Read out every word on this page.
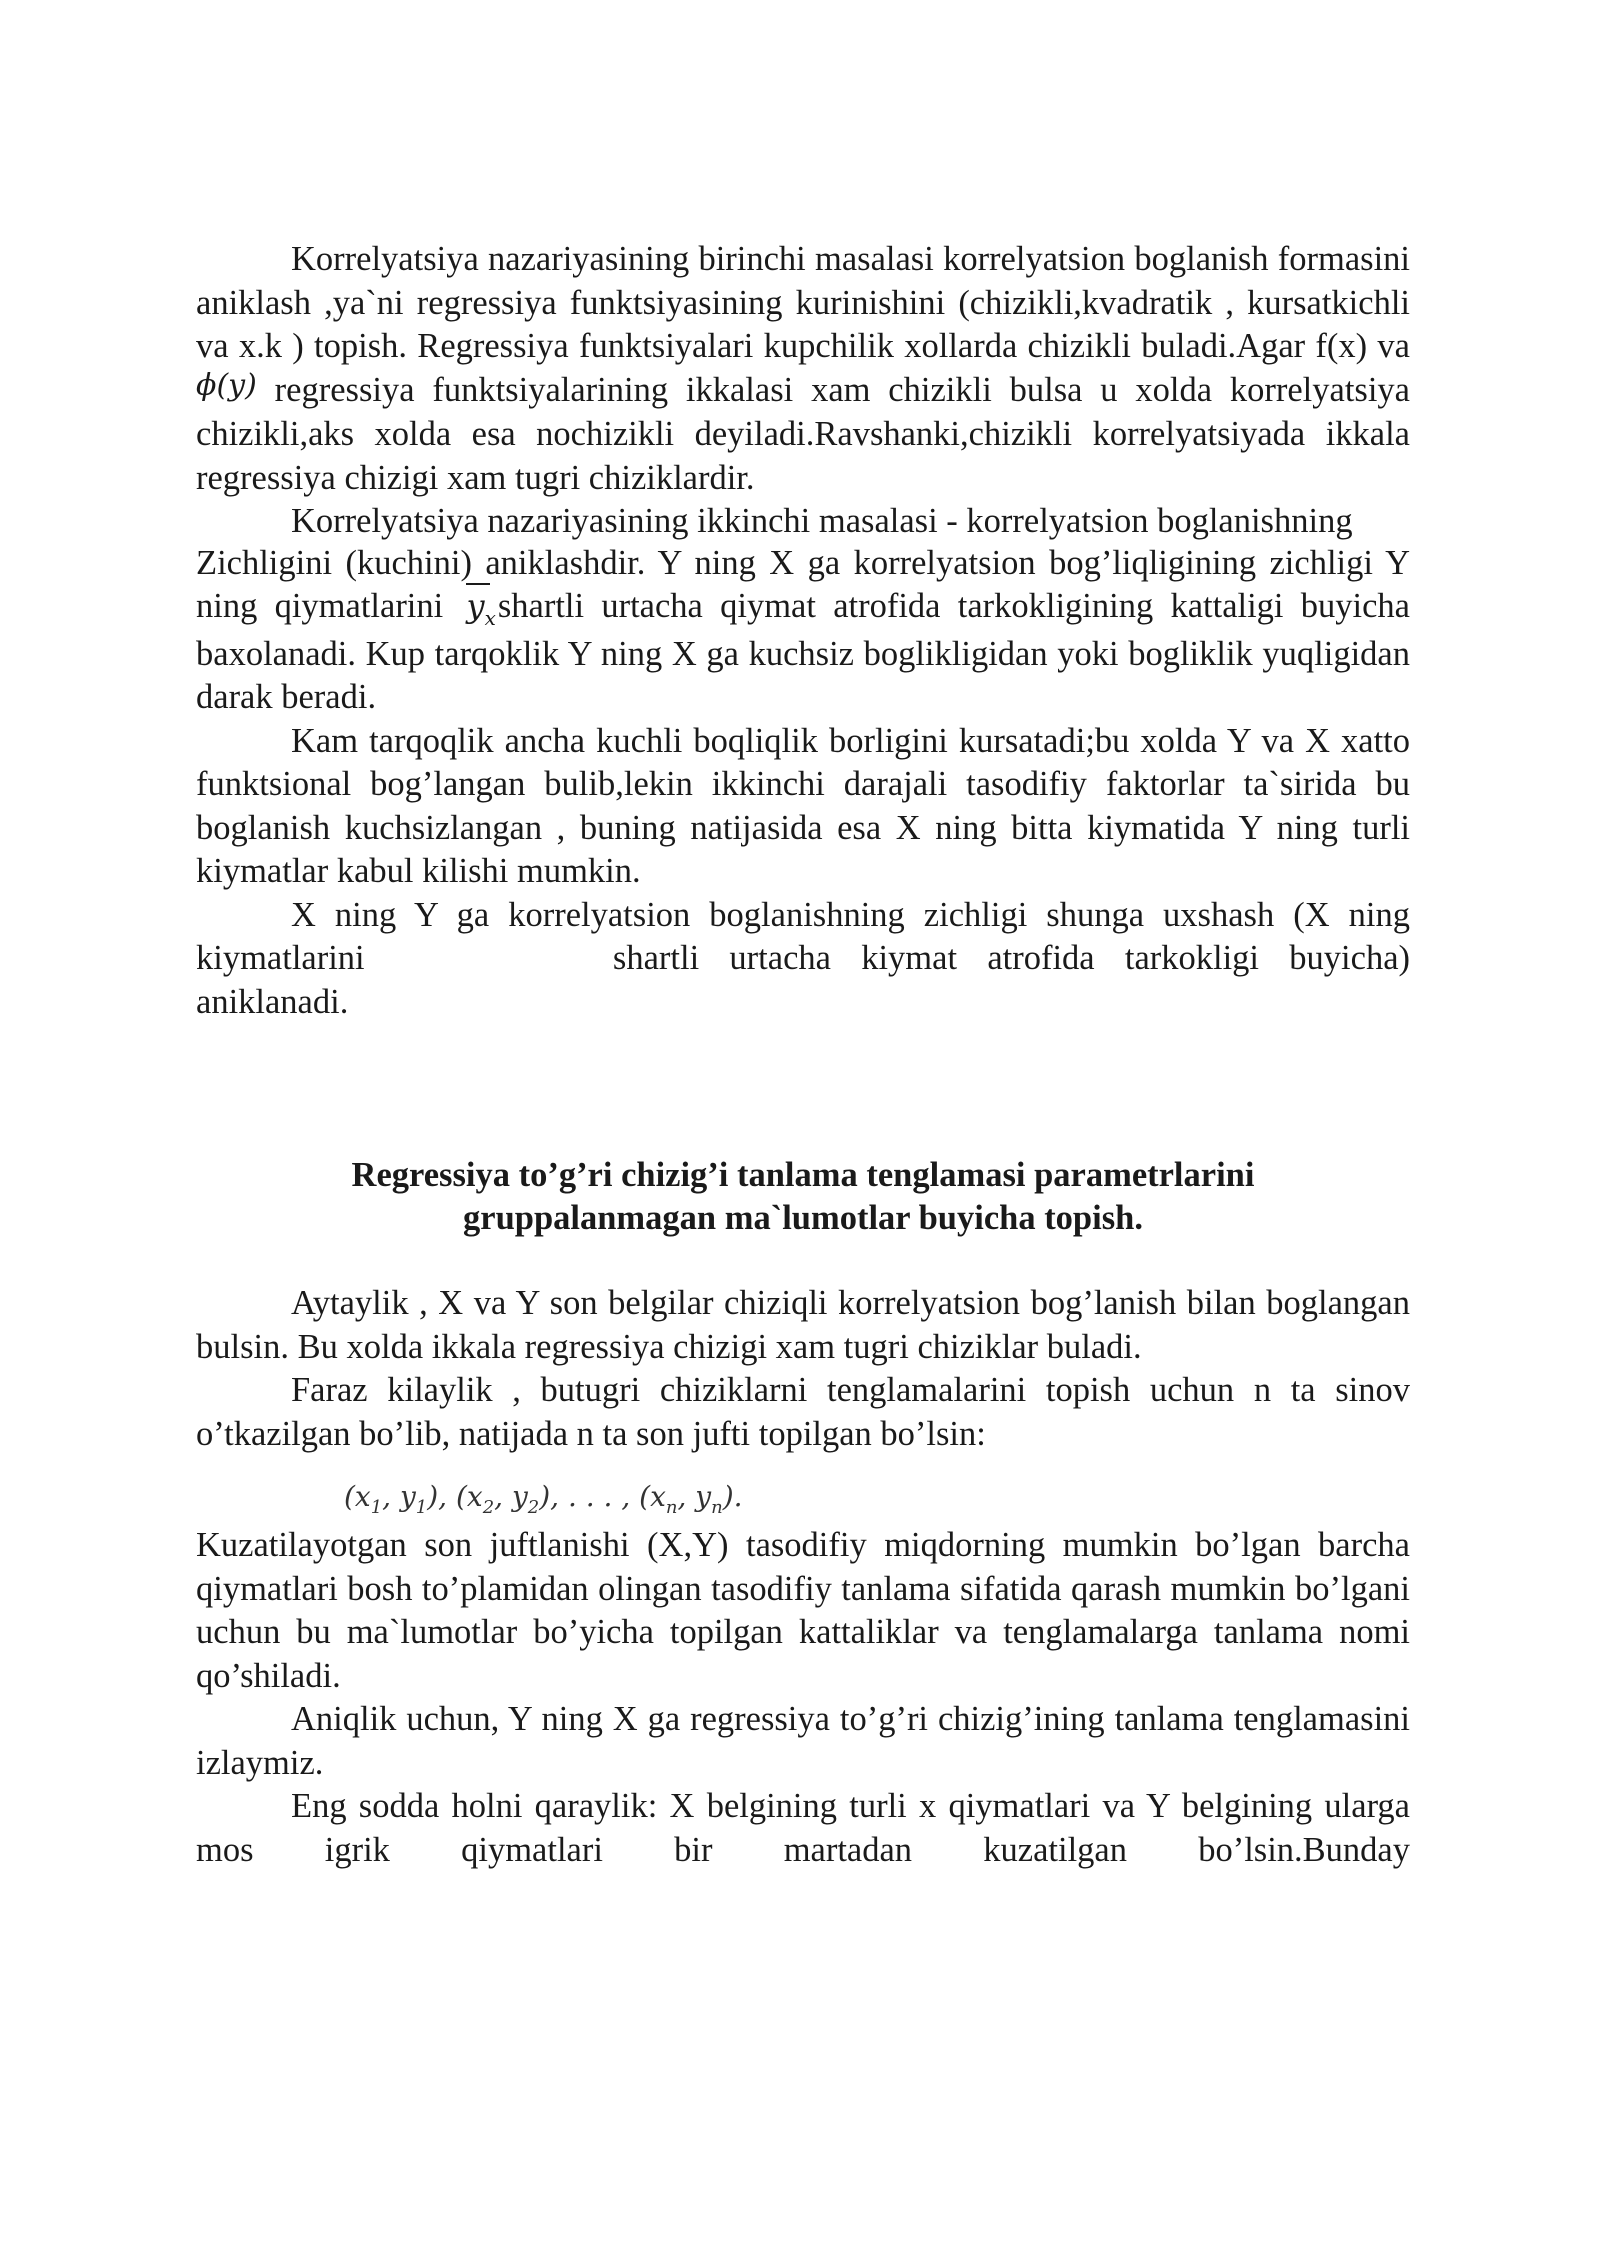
Korrelyatsiya nazariyasining birinchi masalasi korrelyatsion boglanish formasini aniklash ,ya`ni regressiya funktsiyasining kurinishini (chizikli,kvadratik , kursatkichli va x.k ) topish. Regressiya funktsiyalari kupchilik xollarda chizikli buladi.Agar f(x) va ϕ(y) regressiya funktsiyalarining ikkalasi xam chizikli bulsa u xolda korrelyatsiya chizikli,aks xolda esa nochizikli deyiladi.Ravshanki,chizikli korrelyatsiyada ikkala regressiya chizigi xam tugri chiziklardir.

Korrelyatsiya nazariyasining ikkinchi masalasi - korrelyatsion boglanishning

Zichligini (kuchini) aniklashdir. Y ning X ga korrelyatsion bog’liqligining zichligi Y ning qiymatlarini
$y_xshartli$ urtacha qiymat atrofida tarkokligining kattaligi buyicha baxolanadi. Kup tarqoklik Y ning X ga kuchsiz boglikligidan yoki bogliklik yuqligidan darak beradi.

Kam tarqoqlik ancha kuchli boqliqlik borligini kursatadi;bu xolda Y va X xatto funktsional bog’langan bulib,lekin ikkinchi darajali tasodifiy faktorlar ta`sirida bu boglanish kuchsizlangan , buning natijasida esa X ning bitta kiymatida Y ning turli kiymatlar kabul kilishi mumkin.

X ning Y ga korrelyatsion boglanishning zichligi shunga uxshash (X ning kiymatlarini	shartli urtacha kiymat atrofida tarkokligi buyicha) aniklanadi.

Regressiya to’g’ri chizig’i tanlama tenglamasi parametrlarini
gruppalanmagan ma`lumotlar buyicha topish.

Aytaylik , X va Y son belgilar chiziqli korrelyatsion bog’lanish bilan boglangan bulsin. Bu xolda ikkala regressiya chizigi xam tugri chiziklar buladi.

Faraz kilaylik , butugri chiziklarni tenglamalarini topish uchun n ta sinov o’tkazilgan bo’lib, natijada n ta son jufti topilgan bo’lsin:

($x_1$, $y_1$), ($x_2$, $y_2$), . . . , ($x_n$, $y_n$).

Kuzatilayotgan son juftlanishi (X,Y) tasodifiy miqdorning mumkin bo’lgan barcha qiymatlari bosh to’plamidan olingan tasodifiy tanlama sifatida qarash mumkin bo’lgani uchun bu ma`lumotlar bo’yicha topilgan kattaliklar va tenglamalarga tanlama nomi qo’shiladi.

Aniqlik uchun, Y ning X ga regressiya to’g’ri chizig’ining tanlama tenglamasini izlaymiz.

Eng sodda holni qaraylik: X belgining turli x qiymatlari va Y belgining ularga mos igrik qiymatlari bir martadan kuzatilgan bo’lsin.Bunday
